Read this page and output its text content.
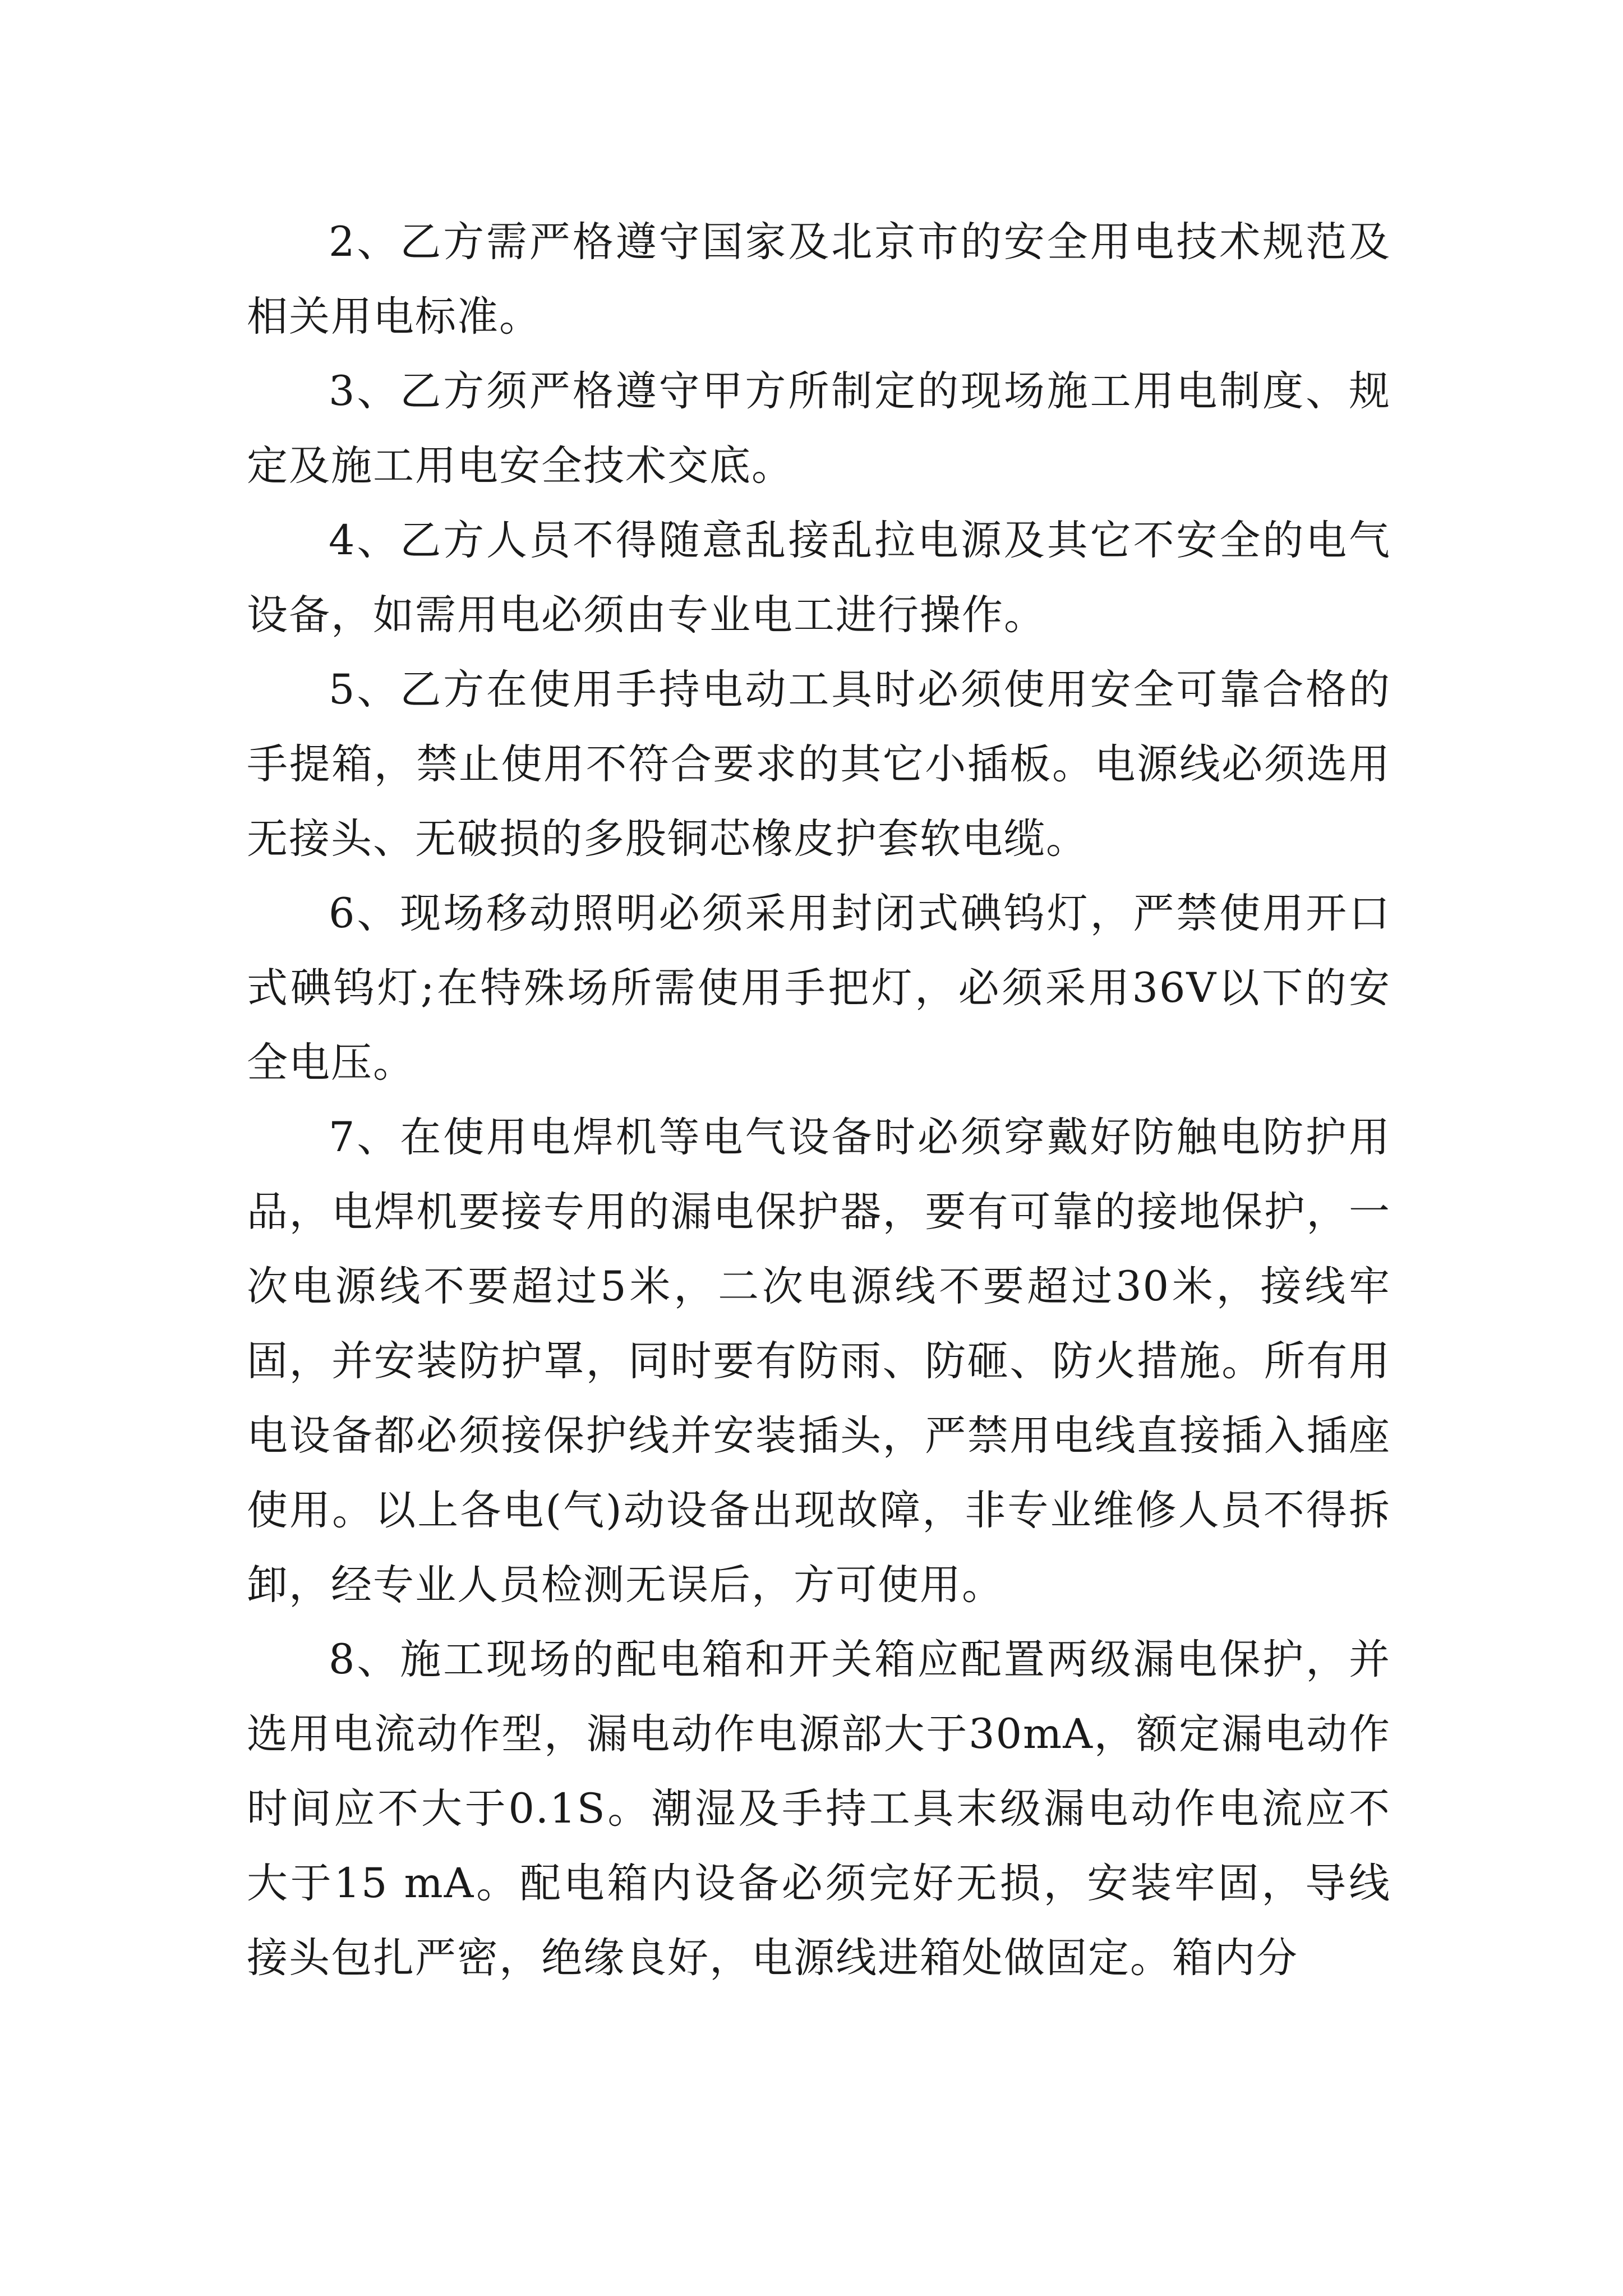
2、乙方需严格遵守国家及北京市的安全用电技术规范及相关用电标准。

3、乙方须严格遵守甲方所制定的现场施工用电制度、规定及施工用电安全技术交底。

4、乙方人员不得随意乱接乱拉电源及其它不安全的电气设备，如需用电必须由专业电工进行操作。

5、乙方在使用手持电动工具时必须使用安全可靠合格的手提箱，禁止使用不符合要求的其它小插板。电源线必须选用无接头、无破损的多股铜芯橡皮护套软电缆。

6、现场移动照明必须采用封闭式碘钨灯，严禁使用开口式碘钨灯;在特殊场所需使用手把灯，必须采用36V以下的安全电压。

7、在使用电焊机等电气设备时必须穿戴好防触电防护用品，电焊机要接专用的漏电保护器，要有可靠的接地保护，一次电源线不要超过5米，二次电源线不要超过30米，接线牢固，并安装防护罩，同时要有防雨、防砸、防火措施。所有用电设备都必须接保护线并安装插头，严禁用电线直接插入插座使用。以上各电(气)动设备出现故障，非专业维修人员不得拆卸，经专业人员检测无误后，方可使用。

8、施工现场的配电箱和开关箱应配置两级漏电保护，并选用电流动作型，漏电动作电源部大于30mA，额定漏电动作时间应不大于0.1S。潮湿及手持工具末级漏电动作电流应不大于15 mA。配电箱内设备必须完好无损，安装牢固，导线接头包扎严密，绝缘良好，电源线进箱处做固定。箱内分
